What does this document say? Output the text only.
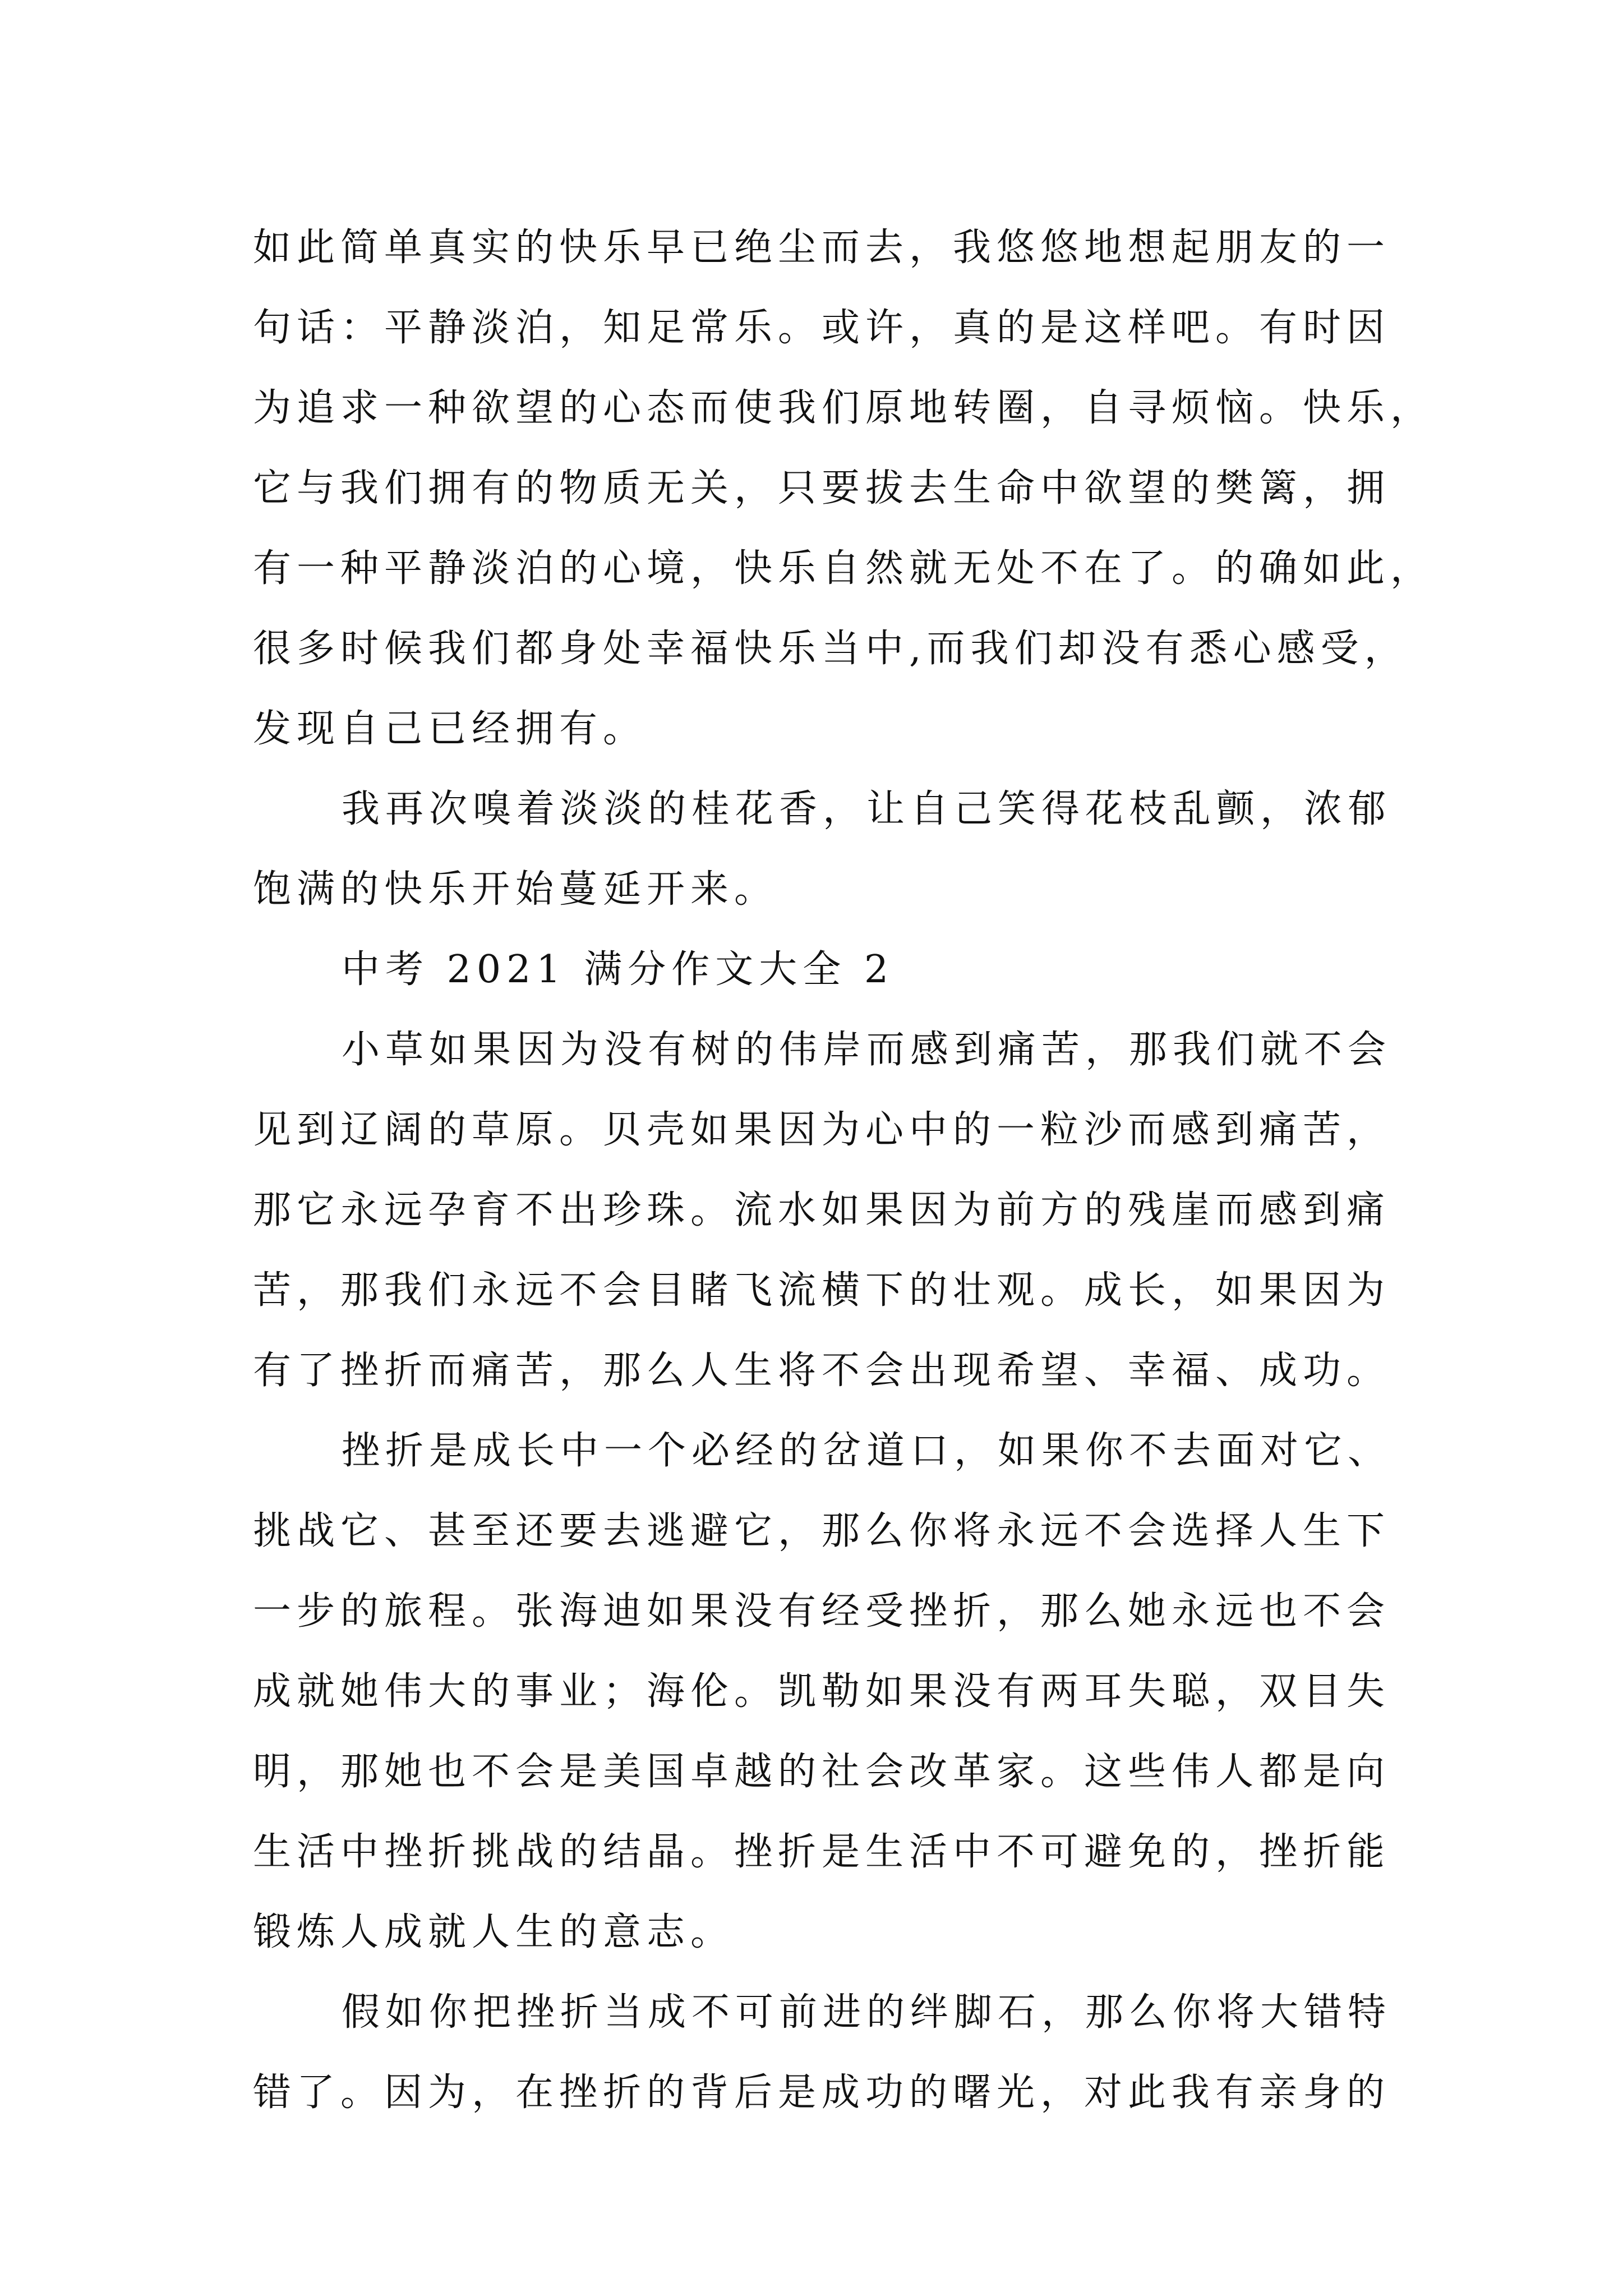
如此简单真实的快乐早已绝尘而去，我悠悠地想起朋友的一
句话：平静淡泊，知足常乐。或许，真的是这样吧。有时因
为追求一种欲望的心态而使我们原地转圈，自寻烦恼。快乐，
它与我们拥有的物质无关，只要拔去生命中欲望的樊篱，拥
有一种平静淡泊的心境，快乐自然就无处不在了。的确如此，
很多时候我们都身处幸福快乐当中,而我们却没有悉心感受，
发现自己已经拥有。
我再次嗅着淡淡的桂花香，让自己笑得花枝乱颤，浓郁
饱满的快乐开始蔓延开来。
中考 2021 满分作文大全 2
小草如果因为没有树的伟岸而感到痛苦，那我们就不会
见到辽阔的草原。贝壳如果因为心中的一粒沙而感到痛苦，
那它永远孕育不出珍珠。流水如果因为前方的残崖而感到痛
苦，那我们永远不会目睹飞流横下的壮观。成长，如果因为
有了挫折而痛苦，那么人生将不会出现希望、幸福、成功。
挫折是成长中一个必经的岔道口，如果你不去面对它、
挑战它、甚至还要去逃避它，那么你将永远不会选择人生下
一步的旅程。张海迪如果没有经受挫折，那么她永远也不会
成就她伟大的事业；海伦。凯勒如果没有两耳失聪，双目失
明，那她也不会是美国卓越的社会改革家。这些伟人都是向
生活中挫折挑战的结晶。挫折是生活中不可避免的，挫折能
锻炼人成就人生的意志。
假如你把挫折当成不可前进的绊脚石，那么你将大错特
错了。因为，在挫折的背后是成功的曙光，对此我有亲身的
